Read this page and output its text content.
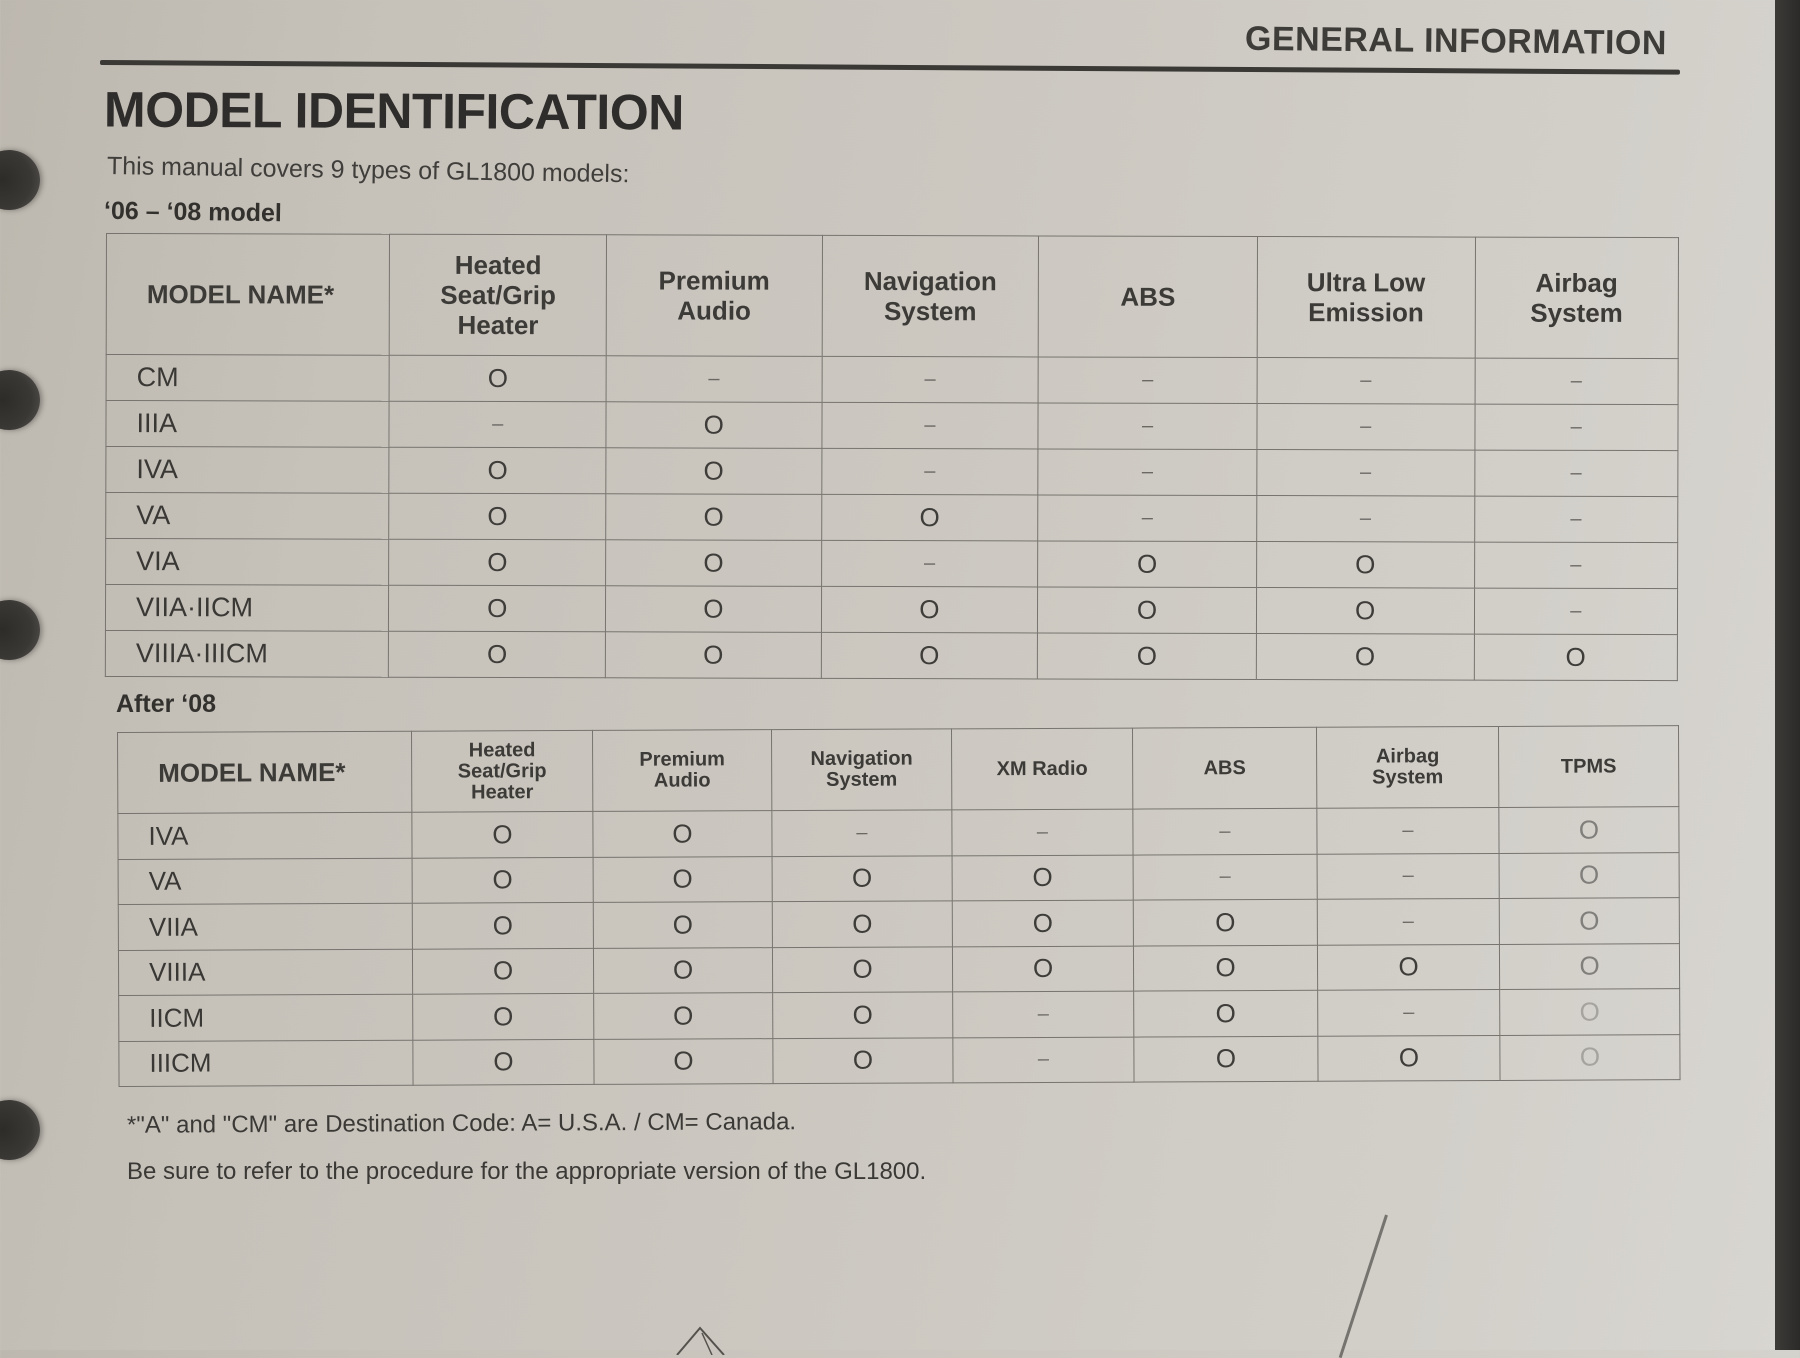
GENERAL INFORMATION
MODEL IDENTIFICATION
This manual covers 9 types of GL1800 models:
‘06 – ‘08 model
MODEL NAME*	Heated
Seat/Grip
Heater	Premium
Audio	Navigation
System	ABS	Ultra Low
Emission	Airbag
System
CM	O	–	–	–	–	–
IIIA	–	O	–	–	–	–
IVA	O	O	–	–	–	–
VA	O	O	O	–	–	–
VIA	O	O	–	O	O	–
VIIA·IICM	O	O	O	O	O	–
VIIIA·IIICM	O	O	O	O	O	O
After ‘08
MODEL NAME*	Heated
Seat/Grip
Heater	Premium
Audio	Navigation
System	XM Radio	ABS	Airbag
System	TPMS
IVA	O	O	–	–	–	–	O
VA	O	O	O	O	–	–	O
VIIA	O	O	O	O	O	–	O
VIIIA	O	O	O	O	O	O	O
IICM	O	O	O	–	O	–	O
IIICM	O	O	O	–	O	O	O
*"A" and "CM" are Destination Code: A= U.S.A. / CM= Canada.
Be sure to refer to the procedure for the appropriate version of the GL1800.
